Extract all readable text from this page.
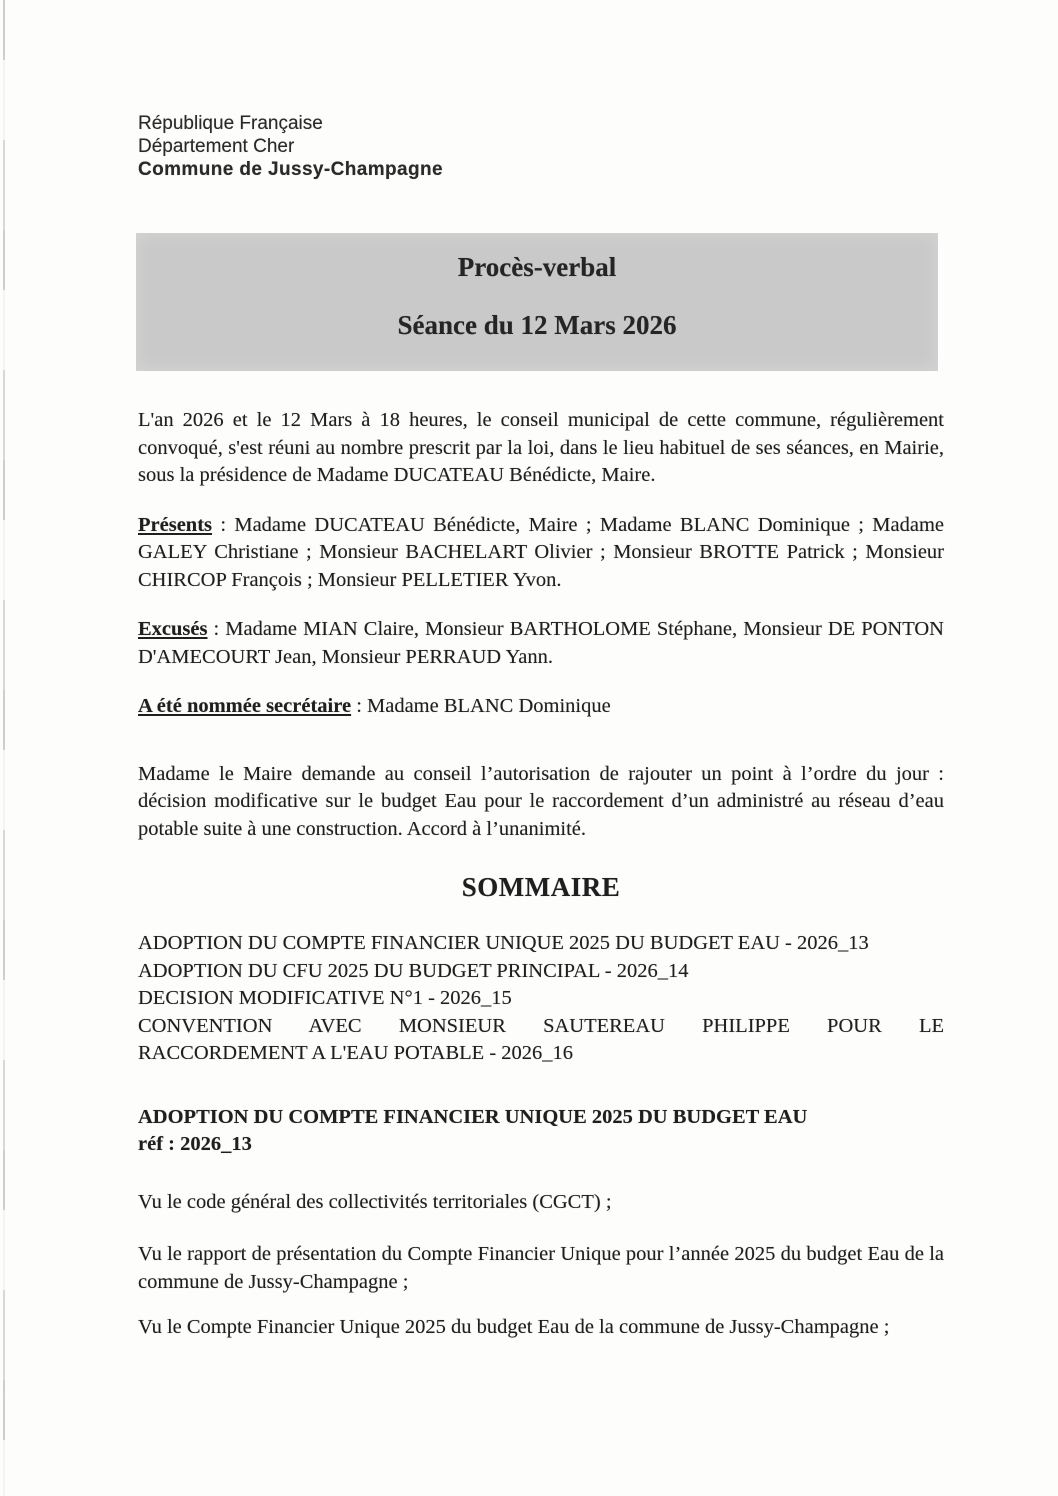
République Française
Département Cher
Commune de Jussy-Champagne
Procès-verbal
Séance du 12 Mars 2026

L'an 2026 et le 12 Mars à 18 heures, le conseil municipal de cette commune, régulièrement convoqué, s'est réuni au nombre prescrit par la loi, dans le lieu habituel de ses séances, en Mairie, sous la présidence de Madame DUCATEAU Bénédicte, Maire.

Présents : Madame DUCATEAU Bénédicte, Maire ; Madame BLANC Dominique ; Madame GALEY Christiane ; Monsieur BACHELART Olivier ; Monsieur BROTTE Patrick ; Monsieur CHIRCOP François ; Monsieur PELLETIER Yvon.

Excusés : Madame MIAN Claire, Monsieur BARTHOLOME Stéphane, Monsieur DE PONTON D'AMECOURT Jean, Monsieur PERRAUD Yann.

A été nommée secrétaire : Madame BLANC Dominique

Madame le Maire demande au conseil l’autorisation de rajouter un point à l’ordre du jour : décision modificative sur le budget Eau pour le raccordement d’un administré au réseau d’eau potable suite à une construction. Accord à l’unanimité.

SOMMAIRE
ADOPTION DU COMPTE FINANCIER UNIQUE 2025 DU BUDGET EAU - 2026_13
ADOPTION DU CFU 2025 DU BUDGET PRINCIPAL - 2026_14
DECISION MODIFICATIVE N°1 - 2026_15
CONVENTION AVEC MONSIEUR SAUTEREAU PHILIPPE POUR LE
RACCORDEMENT A L'EAU POTABLE - 2026_16
ADOPTION DU COMPTE FINANCIER UNIQUE 2025 DU BUDGET EAU
réf : 2026_13

Vu le code général des collectivités territoriales (CGCT) ;

Vu le rapport de présentation du Compte Financier Unique pour l’année 2025 du budget Eau de la commune de Jussy-Champagne ;

Vu le Compte Financier Unique 2025 du budget Eau de la commune de Jussy-Champagne ;
